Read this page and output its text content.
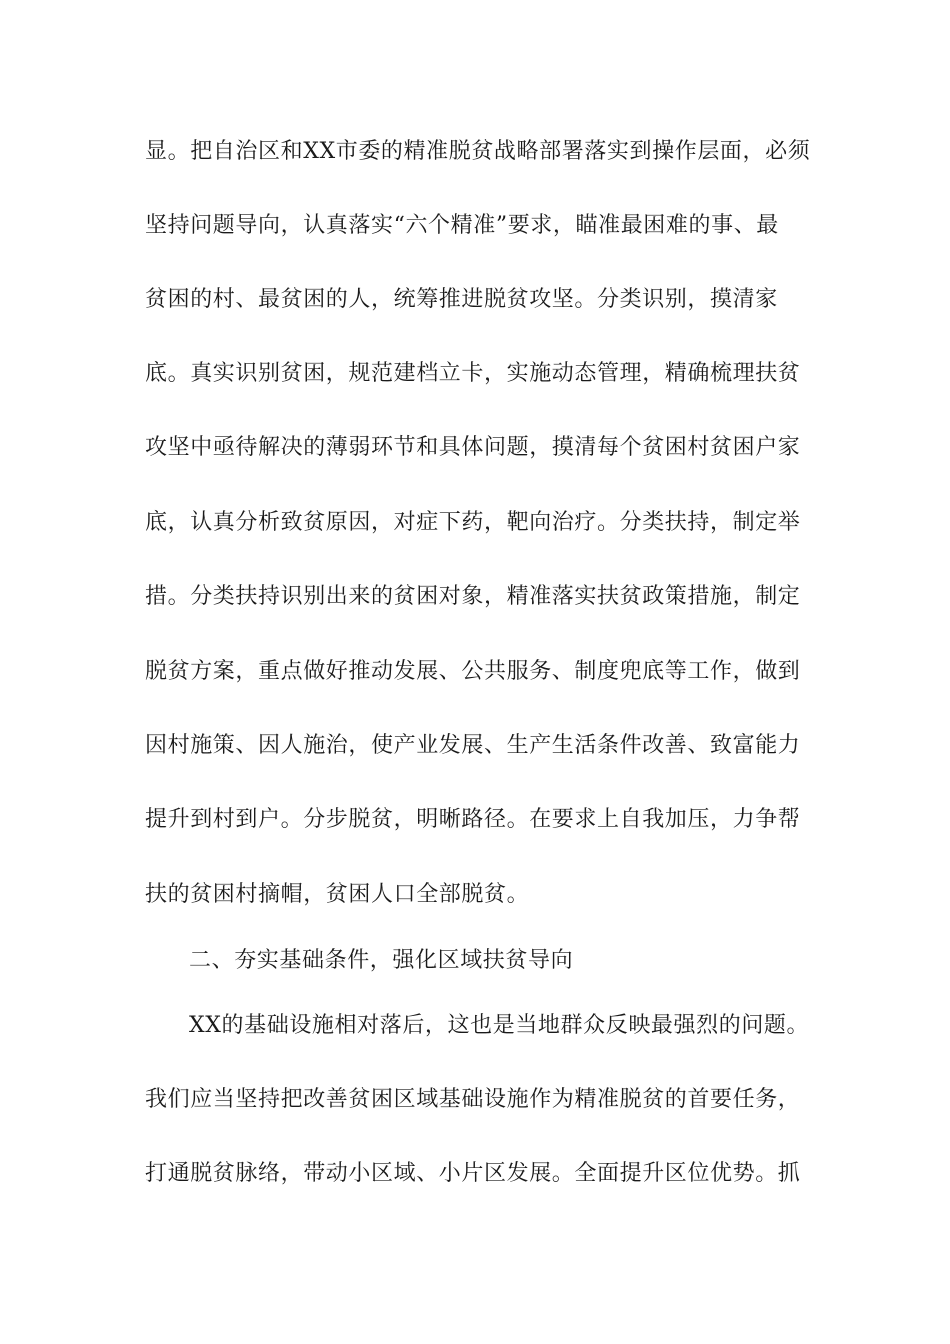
显。把自治区和XX市委的精准脱贫战略部署落实到操作层面，必须
坚持问题导向，认真落实“六个精准”要求，瞄准最困难的事、最
贫困的村、最贫困的人，统筹推进脱贫攻坚。分类识别，摸清家
底。真实识别贫困，规范建档立卡，实施动态管理，精确梳理扶贫
攻坚中亟待解决的薄弱环节和具体问题，摸清每个贫困村贫困户家
底，认真分析致贫原因，对症下药，靶向治疗。分类扶持，制定举
措。分类扶持识别出来的贫困对象，精准落实扶贫政策措施，制定
脱贫方案，重点做好推动发展、公共服务、制度兜底等工作，做到
因村施策、因人施治，使产业发展、生产生活条件改善、致富能力
提升到村到户。分步脱贫，明晰路径。在要求上自我加压，力争帮
扶的贫困村摘帽，贫困人口全部脱贫。
二、夯实基础条件，强化区域扶贫导向
XX的基础设施相对落后，这也是当地群众反映最强烈的问题。
我们应当坚持把改善贫困区域基础设施作为精准脱贫的首要任务，
打通脱贫脉络，带动小区域、小片区发展。全面提升区位优势。抓
